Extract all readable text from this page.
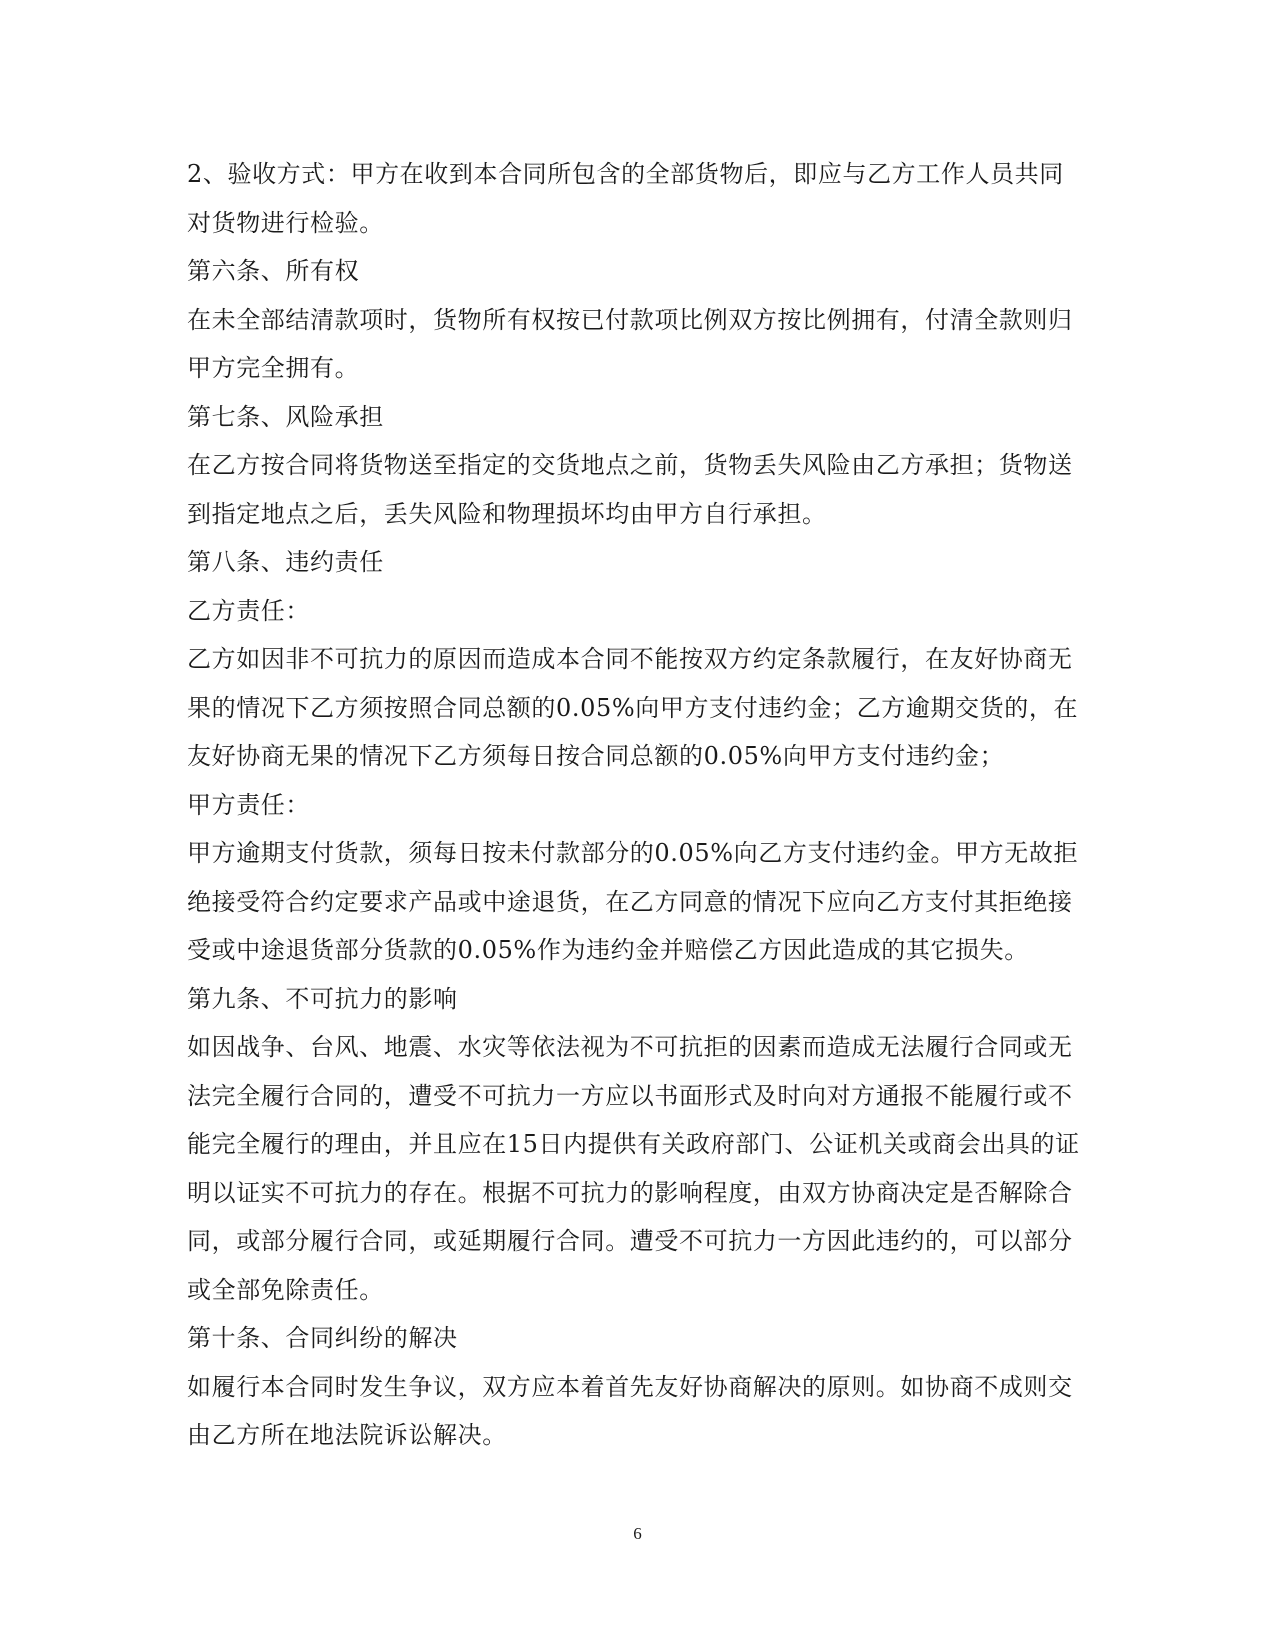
2、验收方式：甲方在收到本合同所包含的全部货物后，即应与乙方工作人员共同
对货物进行检验。
第六条、所有权
在未全部结清款项时，货物所有权按已付款项比例双方按比例拥有，付清全款则归
甲方完全拥有。
第七条、风险承担
在乙方按合同将货物送至指定的交货地点之前，货物丢失风险由乙方承担；货物送
到指定地点之后，丢失风险和物理损坏均由甲方自行承担。
第八条、违约责任
乙方责任：
乙方如因非不可抗力的原因而造成本合同不能按双方约定条款履行，在友好协商无
果的情况下乙方须按照合同总额的0.05%向甲方支付违约金；乙方逾期交货的，在
友好协商无果的情况下乙方须每日按合同总额的0.05%向甲方支付违约金；
甲方责任：
甲方逾期支付货款，须每日按未付款部分的0.05%向乙方支付违约金。甲方无故拒
绝接受符合约定要求产品或中途退货，在乙方同意的情况下应向乙方支付其拒绝接
受或中途退货部分货款的0.05%作为违约金并赔偿乙方因此造成的其它损失。
第九条、不可抗力的影响
如因战争、台风、地震、水灾等依法视为不可抗拒的因素而造成无法履行合同或无
法完全履行合同的，遭受不可抗力一方应以书面形式及时向对方通报不能履行或不
能完全履行的理由，并且应在15日内提供有关政府部门、公证机关或商会出具的证
明以证实不可抗力的存在。根据不可抗力的影响程度，由双方协商决定是否解除合
同，或部分履行合同，或延期履行合同。遭受不可抗力一方因此违约的，可以部分
或全部免除责任。
第十条、合同纠纷的解决
如履行本合同时发生争议，双方应本着首先友好协商解决的原则。如协商不成则交
由乙方所在地法院诉讼解决。
6
